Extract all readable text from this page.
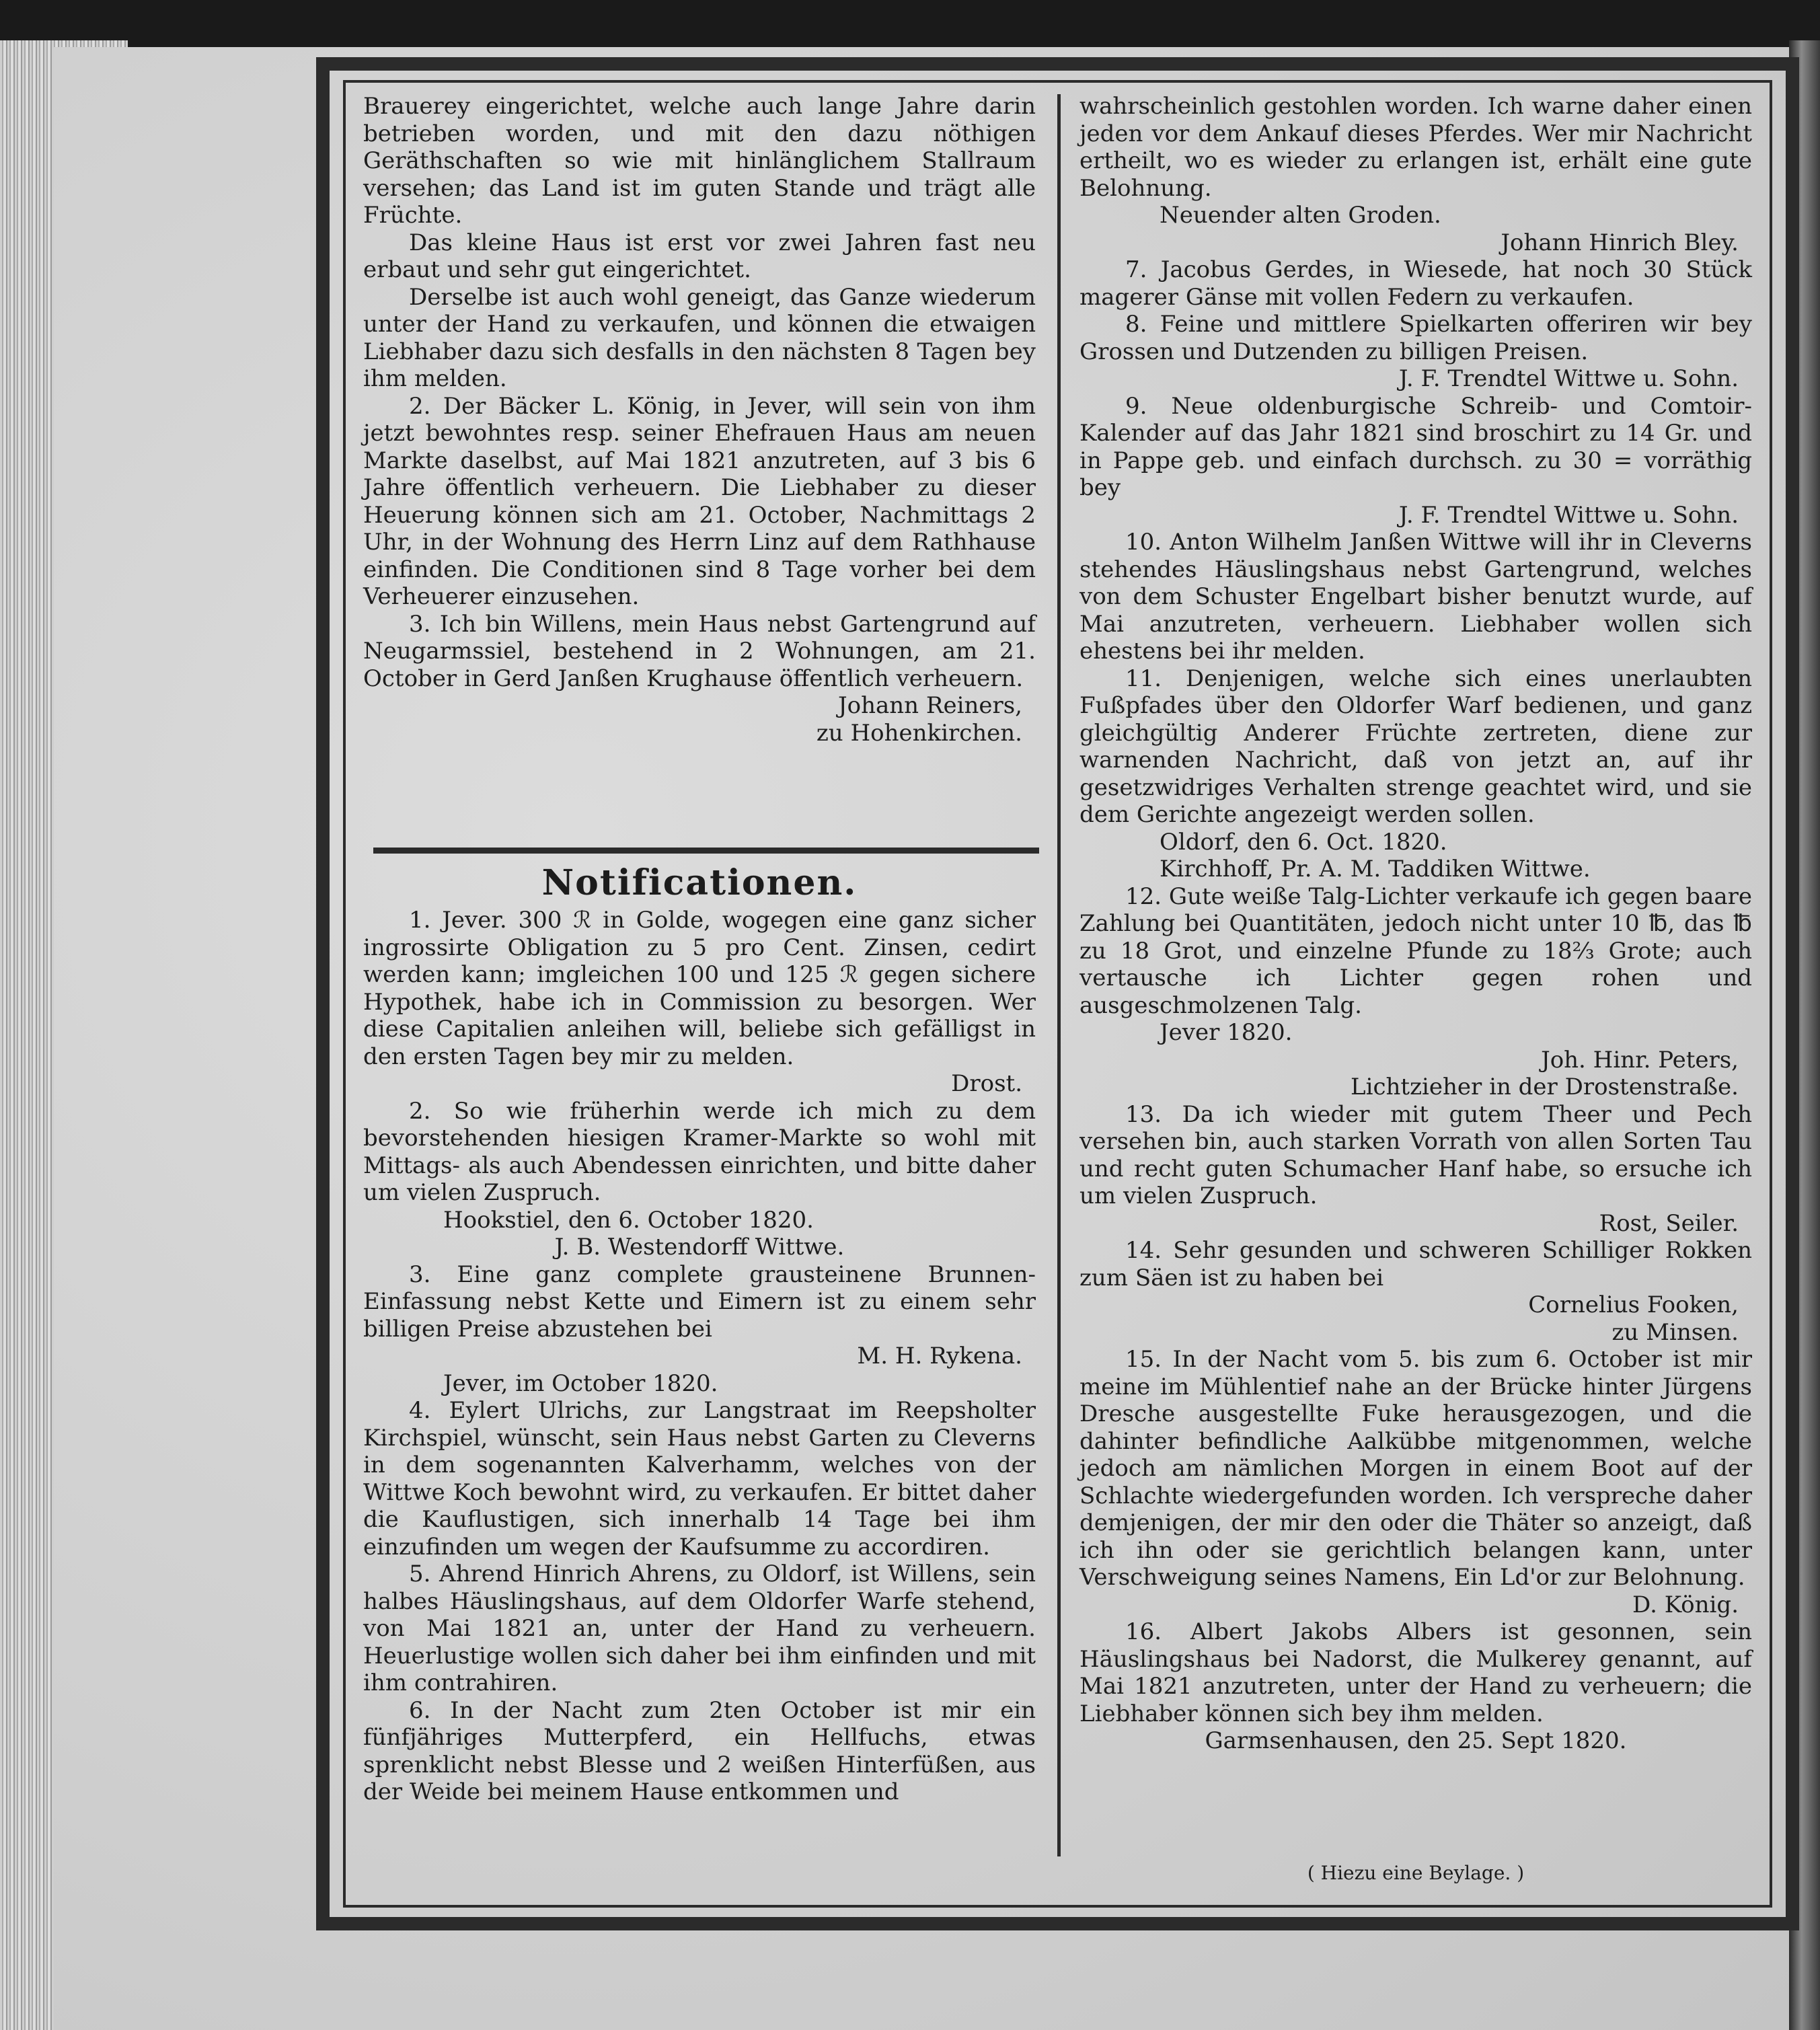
Brauerey eingerichtet, welche auch lange Jahre darin betrieben worden, und mit den dazu nöthigen Geräthschaften so wie mit hinlänglichem Stallraum versehen; das Land ist im guten Stande und trägt alle Früchte.

Das kleine Haus ist erst vor zwei Jahren fast neu erbaut und sehr gut eingerichtet.

Derselbe ist auch wohl geneigt, das Ganze wiederum unter der Hand zu verkaufen, und können die etwaigen Liebhaber dazu sich desfalls in den nächsten 8 Tagen bey ihm melden.

2. Der Bäcker L. König, in Jever, will sein von ihm jetzt bewohntes resp. seiner Ehefrauen Haus am neuen Markte daselbst, auf Mai 1821 anzutreten, auf 3 bis 6 Jahre öffentlich verheuern. Die Liebhaber zu dieser Heuerung können sich am 21. October, Nachmittags 2 Uhr, in der Wohnung des Herrn Linz auf dem Rathhause einfinden. Die Conditionen sind 8 Tage vorher bei dem Verheuerer einzusehen.

3. Ich bin Willens, mein Haus nebst Gartengrund auf Neugarmssiel, bestehend in 2 Wohnungen, am 21. October in Gerd Janßen Krughause öffentlich verheuern.

Johann Reiners,

zu Hohenkirchen.

Notificationen.

1. Jever. 300 ℛ in Golde, wogegen eine ganz sicher ingrossirte Obligation zu 5 pro Cent. Zinsen, cedirt werden kann; imgleichen 100 und 125 ℛ gegen sichere Hypothek, habe ich in Commission zu besorgen. Wer diese Capitalien anleihen will, beliebe sich gefälligst in den ersten Tagen bey mir zu melden.

Drost.

2. So wie früherhin werde ich mich zu dem bevorstehenden hiesigen Kramer-Markte so wohl mit Mittags- als auch Abendessen einrichten, und bitte daher um vielen Zuspruch.

Hookstiel, den 6. October 1820.

J. B. Westendorff Wittwe.

3. Eine ganz complete grausteinene Brunnen-Einfassung nebst Kette und Eimern ist zu einem sehr billigen Preise abzustehen bei

M. H. Rykena.

Jever, im October 1820.

4. Eylert Ulrichs, zur Langstraat im Reepsholter Kirchspiel, wünscht, sein Haus nebst Garten zu Cleverns in dem sogenannten Kalverhamm, welches von der Wittwe Koch bewohnt wird, zu verkaufen. Er bittet daher die Kauflustigen, sich innerhalb 14 Tage bei ihm einzufinden um wegen der Kaufsumme zu accordiren.

5. Ahrend Hinrich Ahrens, zu Oldorf, ist Willens, sein halbes Häuslingshaus, auf dem Oldorfer Warfe stehend, von Mai 1821 an, unter der Hand zu verheuern. Heuerlustige wollen sich daher bei ihm einfinden und mit ihm contrahiren.

6. In der Nacht zum 2ten October ist mir ein fünfjähriges Mutterpferd, ein Hellfuchs, etwas sprenklicht nebst Blesse und 2 weißen Hinterfüßen, aus der Weide bei meinem Hause entkommen und

wahrscheinlich gestohlen worden. Ich warne daher einen jeden vor dem Ankauf dieses Pferdes. Wer mir Nachricht ertheilt, wo es wieder zu erlangen ist, erhält eine gute Belohnung.

Neuender alten Groden.

Johann Hinrich Bley.

7. Jacobus Gerdes, in Wiesede, hat noch 30 Stück magerer Gänse mit vollen Federn zu verkaufen.

8. Feine und mittlere Spielkarten offeriren wir bey Grossen und Dutzenden zu billigen Preisen.

J. F. Trendtel Wittwe u. Sohn.

9. Neue oldenburgische Schreib- und Comtoir-Kalender auf das Jahr 1821 sind broschirt zu 14 Gr. und in Pappe geb. und einfach durchsch. zu 30 = vorräthig bey

J. F. Trendtel Wittwe u. Sohn.

10. Anton Wilhelm Janßen Wittwe will ihr in Cleverns stehendes Häuslingshaus nebst Gartengrund, welches von dem Schuster Engelbart bisher benutzt wurde, auf Mai anzutreten, verheuern. Liebhaber wollen sich ehestens bei ihr melden.

11. Denjenigen, welche sich eines unerlaubten Fußpfades über den Oldorfer Warf bedienen, und ganz gleichgültig Anderer Früchte zertreten, diene zur warnenden Nachricht, daß von jetzt an, auf ihr gesetzwidriges Verhalten strenge geachtet wird, und sie dem Gerichte angezeigt werden sollen.

Oldorf, den 6. Oct. 1820.

Kirchhoff, Pr. A. M. Taddiken Wittwe.

12. Gute weiße Talg-Lichter verkaufe ich gegen baare Zahlung bei Quantitäten, jedoch nicht unter 10 ℔, das ℔ zu 18 Grot, und einzelne Pfunde zu 18⅔ Grote; auch vertausche ich Lichter gegen rohen und ausgeschmolzenen Talg.

Jever 1820.

Joh. Hinr. Peters,

Lichtzieher in der Drostenstraße.

13. Da ich wieder mit gutem Theer und Pech versehen bin, auch starken Vorrath von allen Sorten Tau und recht guten Schumacher Hanf habe, so ersuche ich um vielen Zuspruch.

Rost, Seiler.

14. Sehr gesunden und schweren Schilliger Rokken zum Säen ist zu haben bei

Cornelius Fooken,

zu Minsen.

15. In der Nacht vom 5. bis zum 6. October ist mir meine im Mühlentief nahe an der Brücke hinter Jürgens Dresche ausgestellte Fuke herausgezogen, und die dahinter befindliche Aalkübbe mitgenommen, welche jedoch am nämlichen Morgen in einem Boot auf der Schlachte wiedergefunden worden. Ich verspreche daher demjenigen, der mir den oder die Thäter so anzeigt, daß ich ihn oder sie gerichtlich belangen kann, unter Verschweigung seines Namens, Ein Ld'or zur Belohnung.

D. König.

16. Albert Jakobs Albers ist gesonnen, sein Häuslingshaus bei Nadorst, die Mulkerey genannt, auf Mai 1821 anzutreten, unter der Hand zu verheuern; die Liebhaber können sich bey ihm melden.

Garmsenhausen, den 25. Sept 1820.

( Hiezu eine Beylage. )
